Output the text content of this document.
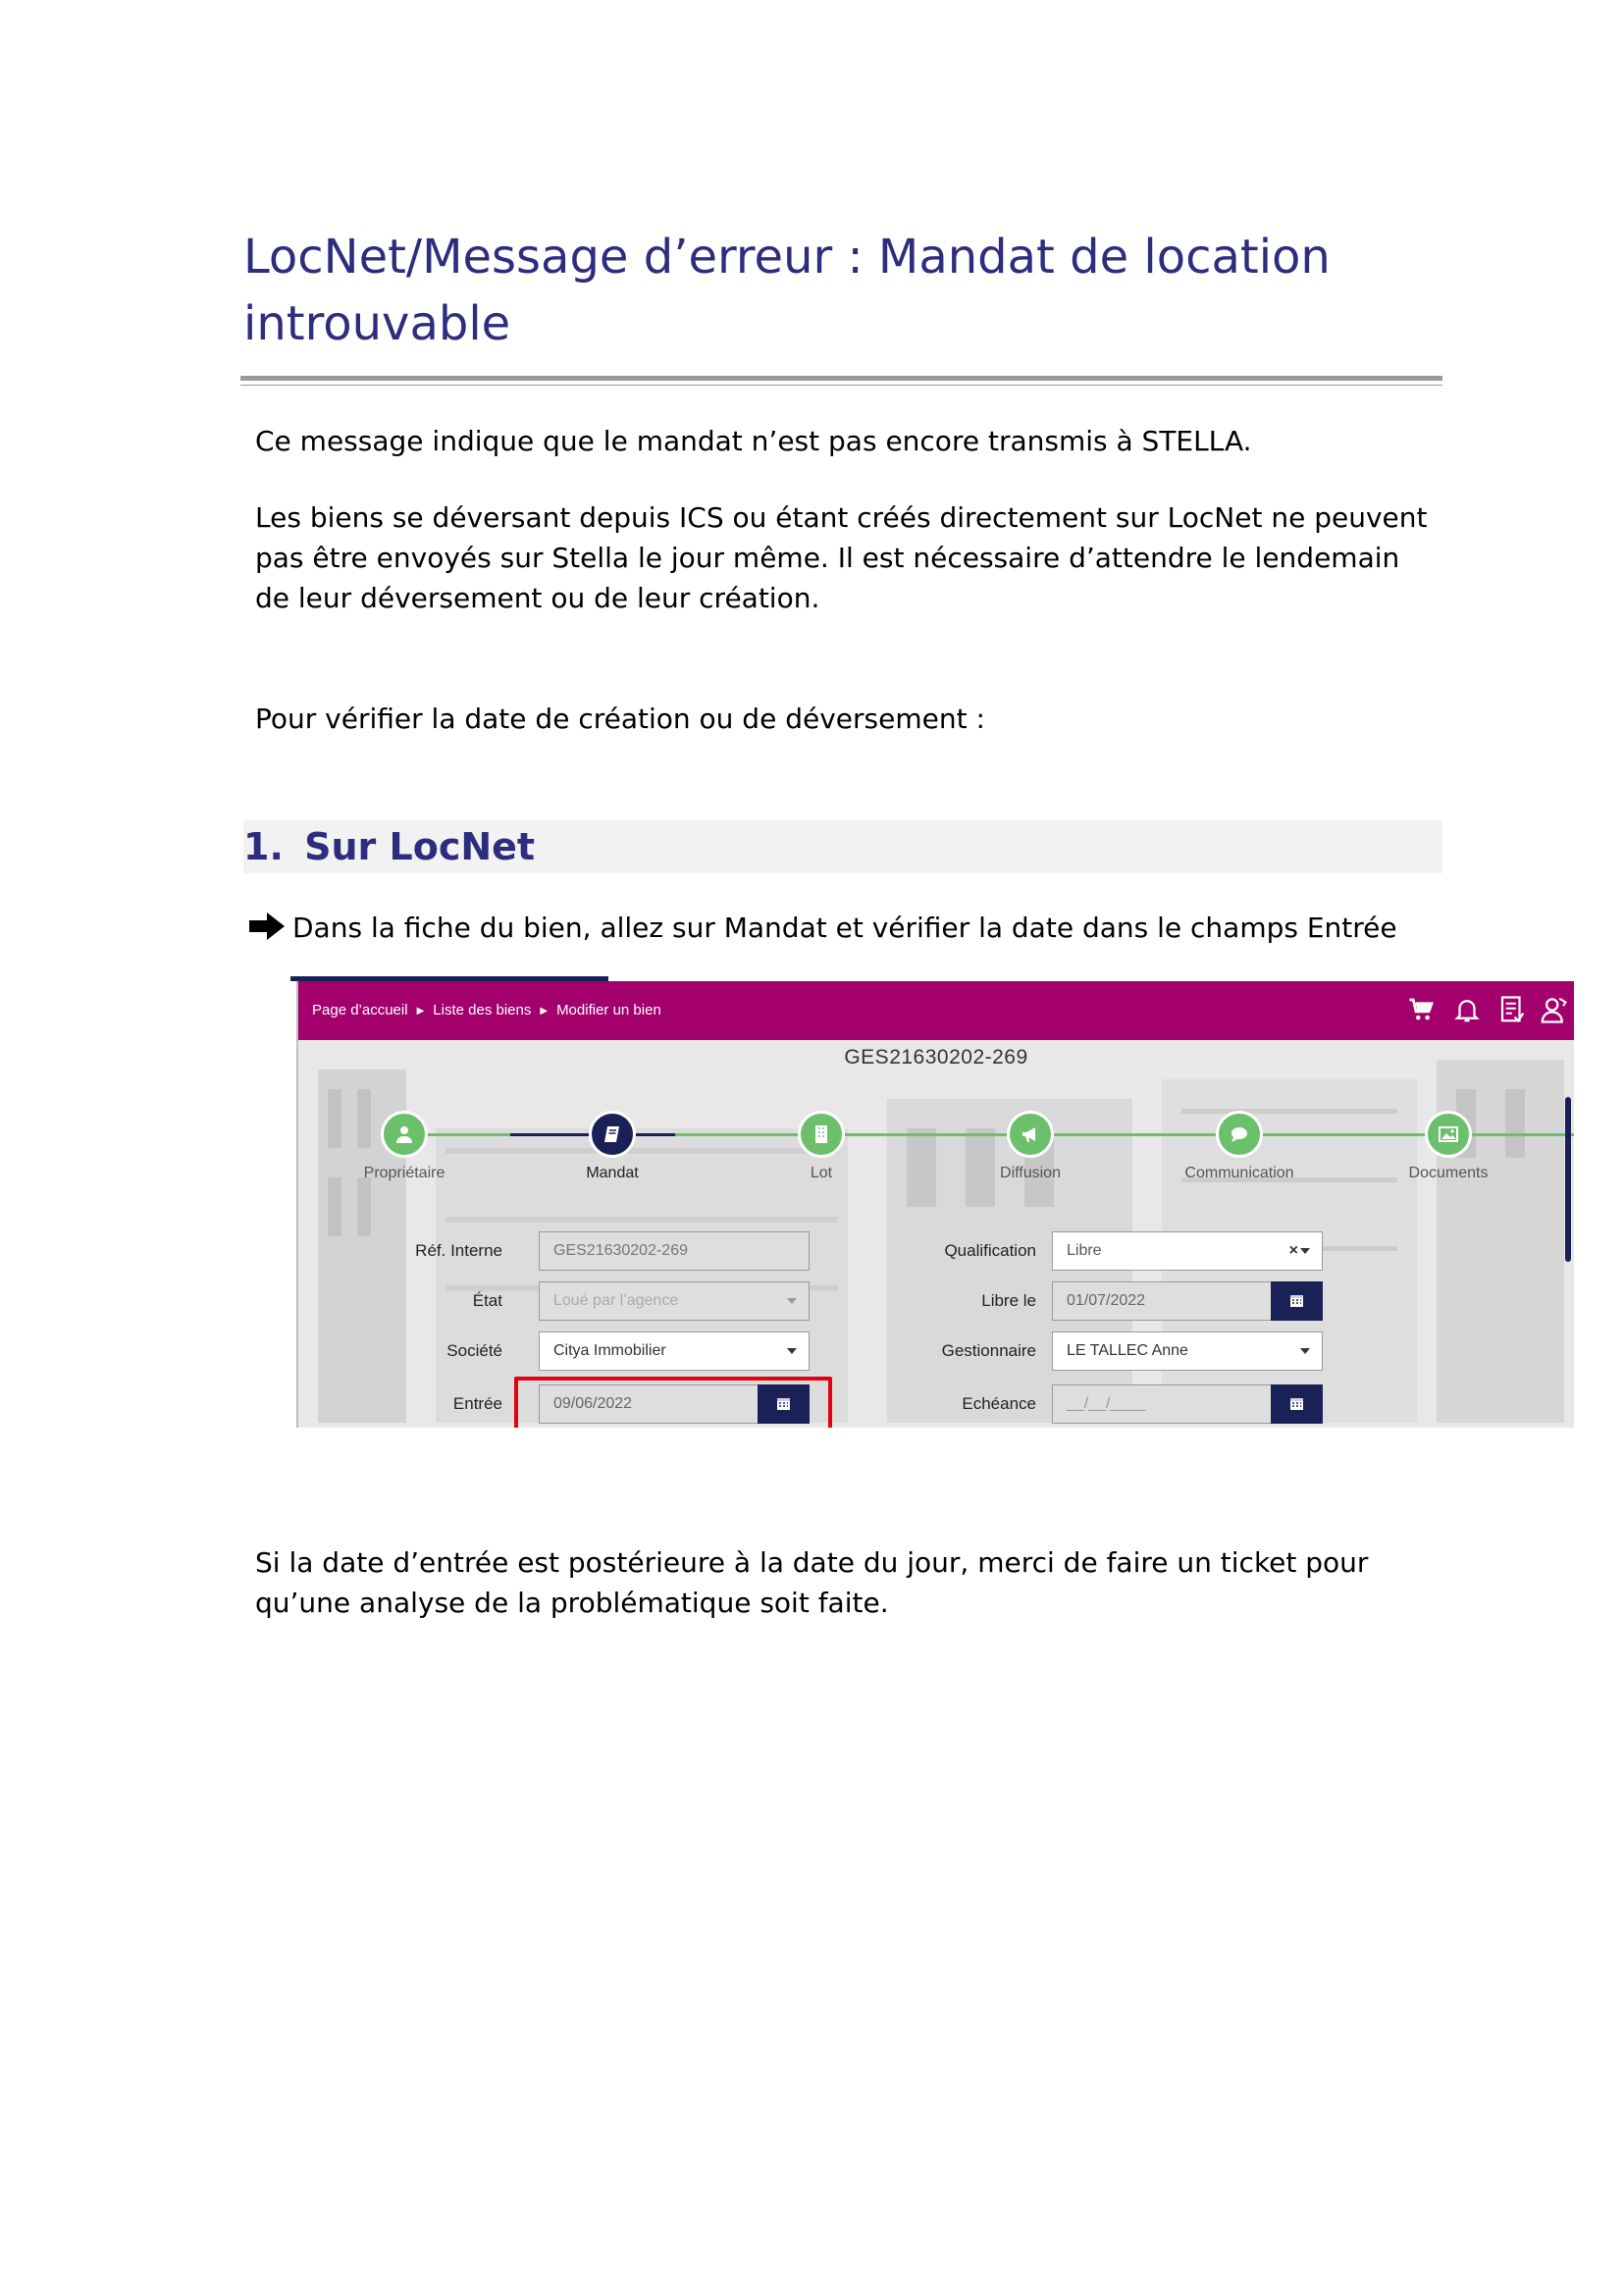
LocNet/Message d’erreur : Mandat de location introuvable

Ce message indique que le mandat n’est pas encore transmis à STELLA.

Les biens se déversant depuis ICS ou étant créés directement sur LocNet ne peuvent pas être envoyés sur Stella le jour même. Il est nécessaire d’attendre le lendemain de leur déversement ou de leur création.

Pour vérifier la date de création ou de déversement :

1. Sur LocNet
Dans la fiche du bien, allez sur Mandat et vérifier la date dans le champs Entrée
Page d’accueil ▶ Liste des biens ▶ Modifier un bien
GES21630202-269
Propriétaire	Mandat	Lot	Diffusion	Communication	Documents
Réf. Interne	GES21630202-269
État	Loué par l’agence
Société	Citya Immobilier
Entrée	09/06/2022
Qualification	Libre	×
Libre le	01/07/2022
Gestionnaire	LE TALLEC Anne
Echéance	__/__/____

Si la date d’entrée est postérieure à la date du jour, merci de faire un ticket pour qu’une analyse de la problématique soit faite.
